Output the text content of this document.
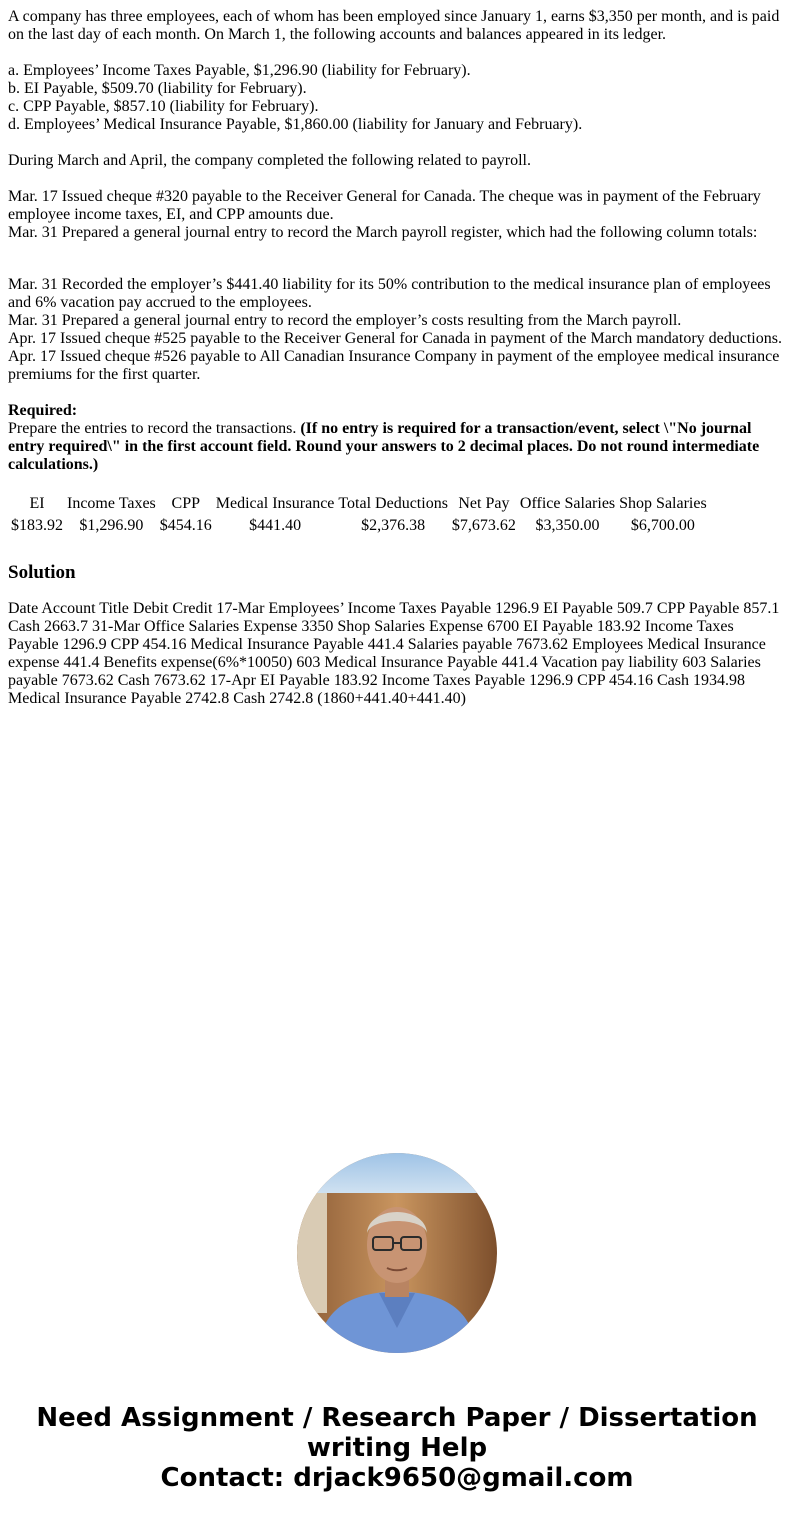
A company has three employees, each of whom has been employed since January 1, earns $3,350 per month, and is paid on the last day of each month. On March 1, the following accounts and balances appeared in its ledger.

a. Employees’ Income Taxes Payable, $1,296.90 (liability for February).
b. EI Payable, $509.70 (liability for February).
c. CPP Payable, $857.10 (liability for February).
d. Employees’ Medical Insurance Payable, $1,860.00 (liability for January and February).

During March and April, the company completed the following related to payroll.

Mar. 17 Issued cheque #320 payable to the Receiver General for Canada. The cheque was in payment of the February employee income taxes, EI, and CPP amounts due.
Mar. 31 Prepared a general journal entry to record the March payroll register, which had the following column totals:
Mar. 31 Recorded the employer’s $441.40 liability for its 50% contribution to the medical insurance plan of employees and 6% vacation pay accrued to the employees.
Mar. 31 Prepared a general journal entry to record the employer’s costs resulting from the March payroll.
Apr. 17 Issued cheque #525 payable to the Receiver General for Canada in payment of the March mandatory deductions.
Apr. 17 Issued cheque #526 payable to All Canadian Insurance Company in payment of the employee medical insurance premiums for the first quarter.
Required:
Prepare the entries to record the transactions. (If no entry is required for a transaction/event, select \"No journal entry required\" in the first account field. Round your answers to 2 decimal places. Do not round intermediate calculations.)
EI	Income Taxes	CPP	Medical Insurance	Total Deductions	Net Pay	Office Salaries	Shop Salaries
$183.92	$1,296.90	$454.16	$441.40	$2,376.38	$7,673.62	$3,350.00	$6,700.00
Solution

Date Account Title Debit Credit 17-Mar Employees’ Income Taxes Payable 1296.9 EI Payable 509.7 CPP Payable 857.1 Cash 2663.7 31-Mar Office Salaries Expense 3350 Shop Salaries Expense 6700 EI Payable 183.92 Income Taxes Payable 1296.9 CPP 454.16 Medical Insurance Payable 441.4 Salaries payable 7673.62 Employees Medical Insurance expense 441.4 Benefits expense(6%*10050) 603 Medical Insurance Payable 441.4 Vacation pay liability 603 Salaries payable 7673.62 Cash 7673.62 17-Apr EI Payable 183.92 Income Taxes Payable 1296.9 CPP 454.16 Cash 1934.98 Medical Insurance Payable 2742.8 Cash 2742.8 (1860+441.40+441.40)

Need Assignment / Research Paper / Dissertation
writing Help
Contact: drjack9650@gmail.com
